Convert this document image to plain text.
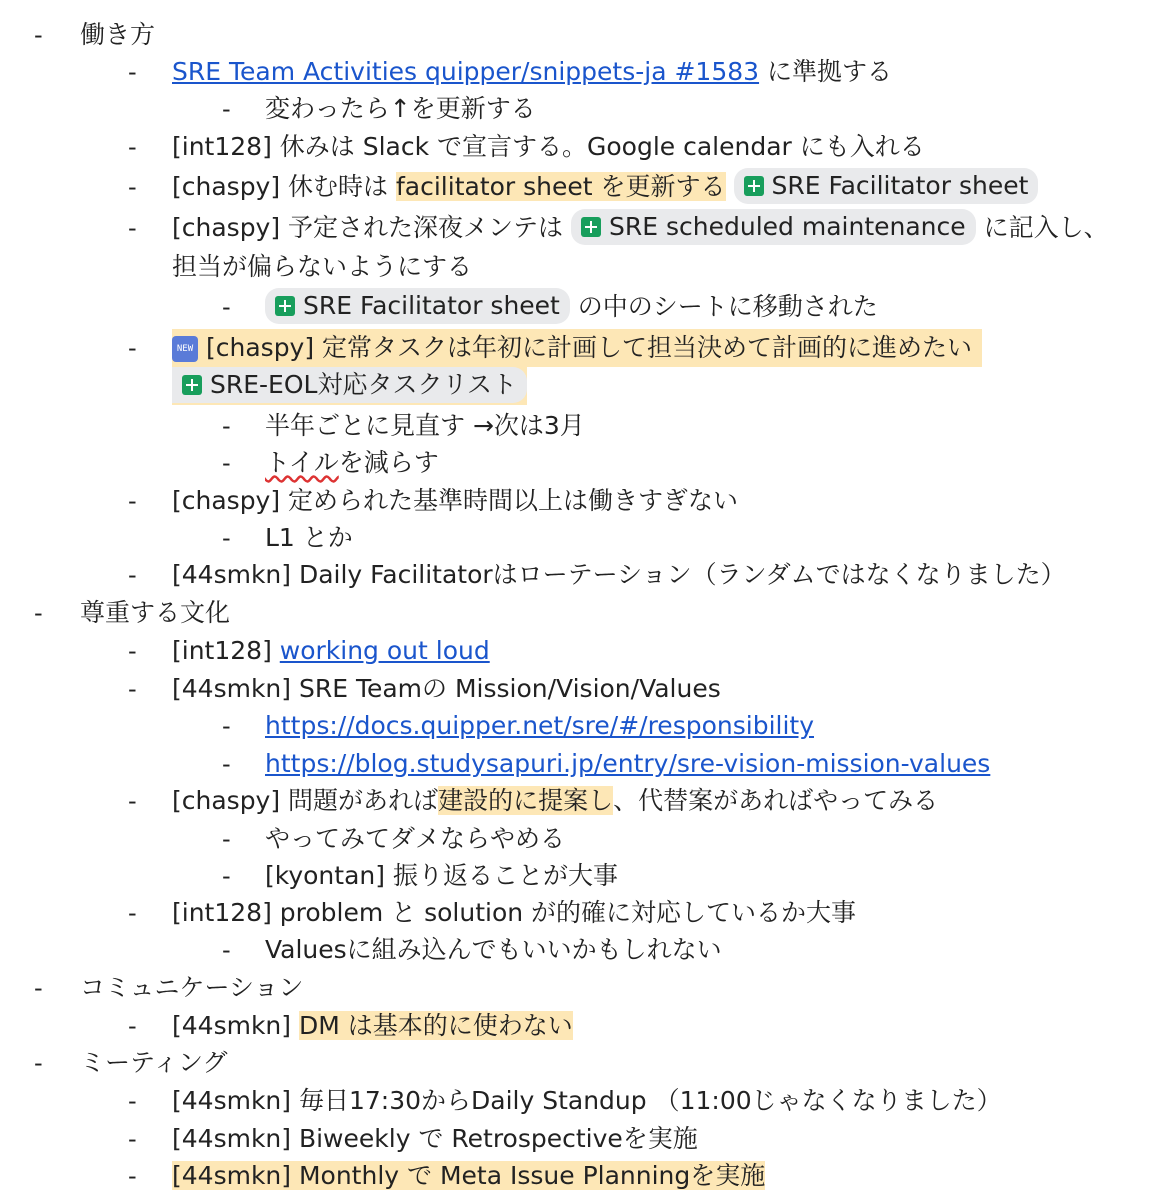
- 働き方
- SRE Team Activities quipper/snippets-ja #1583 に準拠する
- 変わったら↑を更新する
- [int128] 休みは Slack で宣言する。Google calendar にも入れる
- [chaspy] 休む時は facilitator sheet を更新する SRE Facilitator sheet
- [chaspy] 予定された深夜メンテは SRE scheduled maintenance に記入し、
担当が偏らないようにする
-	SRE Facilitator sheet の中のシートに移動された
-	NEW [chaspy] 定常タスクは年初に計画して担当決めて計画的に進めたい
SRE-EOL対応タスクリスト
- 半年ごとに見直す →次は3月
- トイルを減らす
- [chaspy] 定められた基準時間以上は働きすぎない
- L1 とか
- [44smkn] Daily Facilitatorはローテーション（ランダムではなくなりました）
- 尊重する文化
- [int128] working out loud
- [44smkn] SRE Teamの Mission/Vision/Values
- https://docs.quipper.net/sre/#/responsibility
- https://blog.studysapuri.jp/entry/sre-vision-mission-values
- [chaspy] 問題があれば建設的に提案し、代替案があればやってみる
- やってみてダメならやめる
- [kyontan] 振り返ることが大事
- [int128] problem と solution が的確に対応しているか大事
- Valuesに組み込んでもいいかもしれない
- コミュニケーション
- [44smkn] DM は基本的に使わない
- ミーティング
- [44smkn] 毎日17:30からDaily Standup （11:00じゃなくなりました）
- [44smkn] Biweekly で Retrospectiveを実施
- [44smkn] Monthly で Meta Issue Planningを実施
